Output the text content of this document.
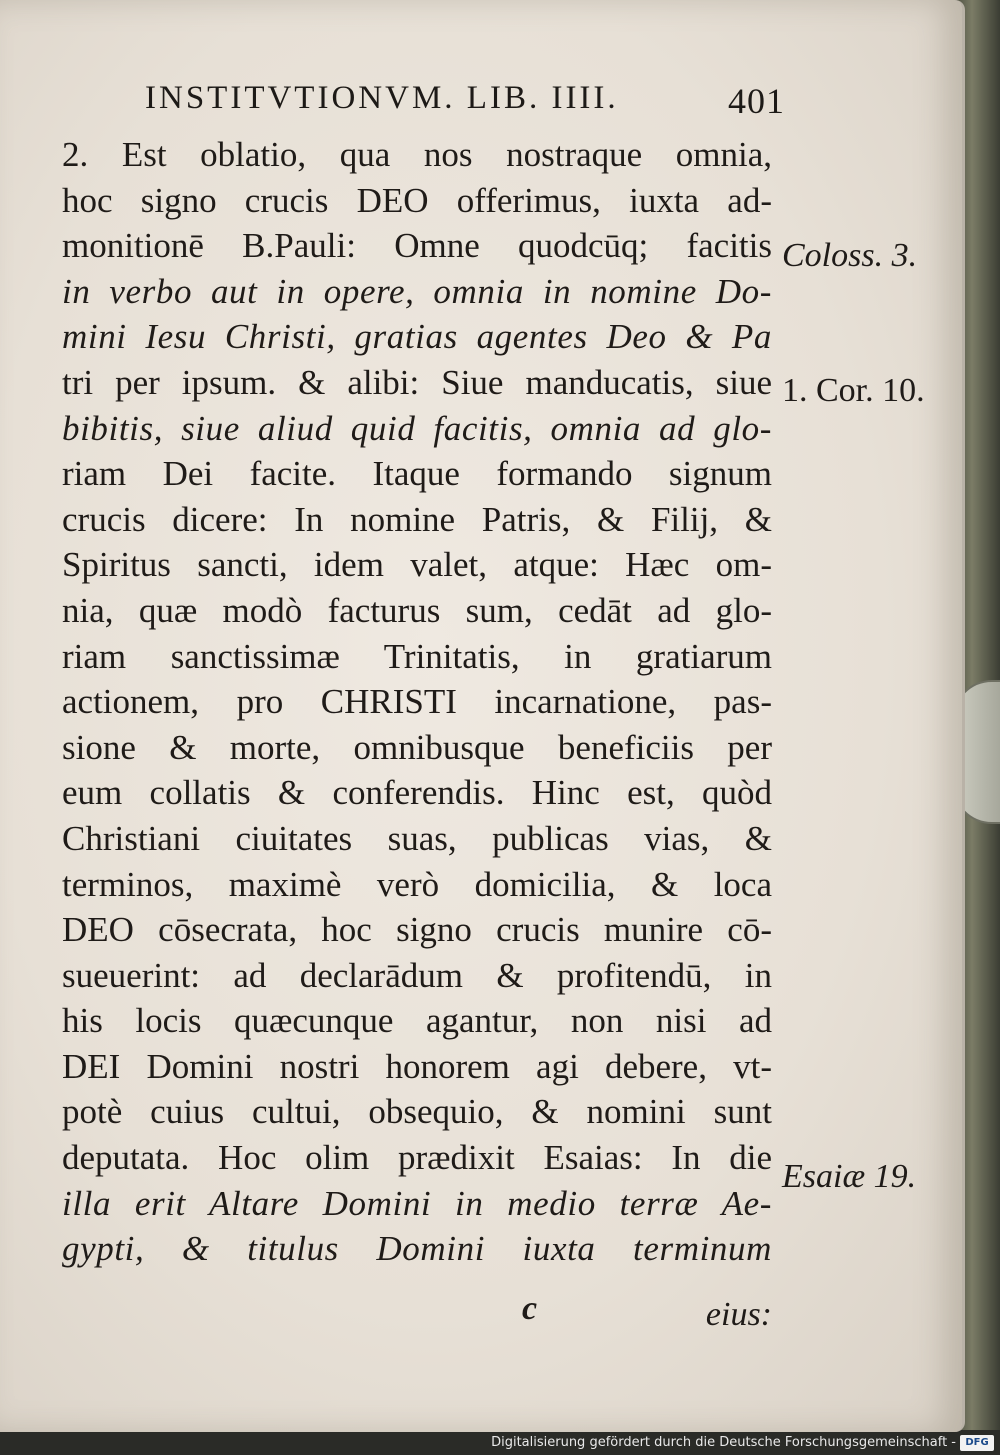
INSTITVTIONVM. LIB. IIII.	401
2. Est oblatio, qua nos nostraque omnia,
hoc signo crucis DEO offerimus, iuxta ad-
monitionē B.Pauli: Omne quodcūq; facitis
in verbo aut in opere, omnia in nomine Do-
mini Iesu Christi, gratias agentes Deo & Pa
tri per ipsum. & alibi: Siue manducatis, siue
bibitis, siue aliud quid facitis, omnia ad glo-
riam Dei facite. Itaque formando signum
crucis dicere: In nomine Patris, & Filij, &
Spiritus sancti, idem valet, atque: Hæc om-
nia, quæ modò facturus sum, cedāt ad glo-
riam sanctissimæ Trinitatis, in gratiarum
actionem, pro CHRISTI incarnatione, pas-
sione & morte, omnibusque beneficiis per
eum collatis & conferendis. Hinc est, quòd
Christiani ciuitates suas, publicas vias, &
terminos, maximè verò domicilia, & loca
DEO cōsecrata, hoc signo crucis munire cō-
sueuerint: ad declarādum & profitendū, in
his locis quæcunque agantur, non nisi ad
DEI Domini nostri honorem agi debere, vt-
potè cuius cultui, obsequio, & nomini sunt
deputata. Hoc olim prædixit Esaias: In die
illa erit Altare Domini in medio terræ Ae-
gypti, & titulus Domini iuxta terminum
Coloss. 3.
1. Cor. 10.
Esaiæ 19.
c	eius:
Digitalisierung gefördert durch die Deutsche Forschungsgemeinschaft - DFG
